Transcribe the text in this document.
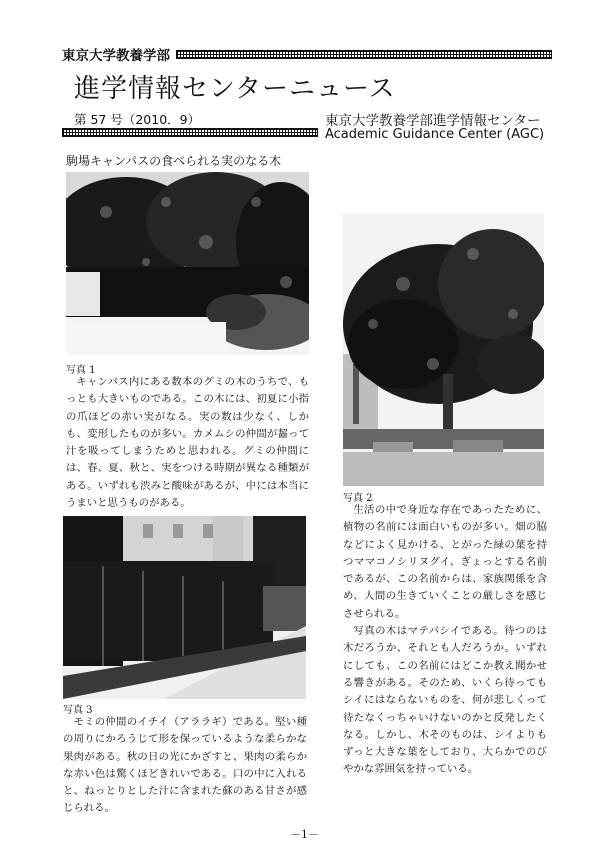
東京大学教養学部
進学情報センターニュース
第 57 号（2010．9）	東京大学教養学部進学情報センター
Academic Guidance Center (AGC)
駒場キャンパスの食べられる実のなる木
写真 1

キャンパス内にある数本のグミの木のうちで、もっとも大きいものである。この木には、初夏に小指の爪ほどの赤い実がなる。実の数は少なく、しかも、変形したものが多い。カメムシの仲間が齧って汁を吸ってしまうためと思われる。グミの仲間には、春、夏、秋と、実をつける時期が異なる種類がある。いずれも渋みと酸味があるが、中には本当にうまいと思うものがある。	写真 2

生活の中で身近な存在であったために、植物の名前には面白いものが多い。畑の脇などによく見かける、とがった緑の葉を持つママコノシリヌグイ、ぎょっとする名前であるが、この名前からは、家族関係を含め、人間の生きていくことの厳しさを感じさせられる。

写真の木はマテバシイである。待つのは木だろうか、それとも人だろうか。いずれにしても、この名前にはどこか教え聞かせる響きがある。そのため、いくら待ってもシイにはならないものを、何が悲しくって待たなくっちゃいけないのかと反発したくなる。しかし、木そのものは、シイよりもずっと大きな葉をしており、大らかでのびやかな雰囲気を持っている。

写真 3

モミの仲間のイチイ（アララギ）である。堅い種の周りにかろうじて形を保っているような柔らかな果肉がある。秋の日の光にかざすと、果肉の柔らかな赤い色は驚くほどきれいである。口の中に入れると、ねっとりとした汁に含まれた蘇のある甘さが感じられる。

－1－
